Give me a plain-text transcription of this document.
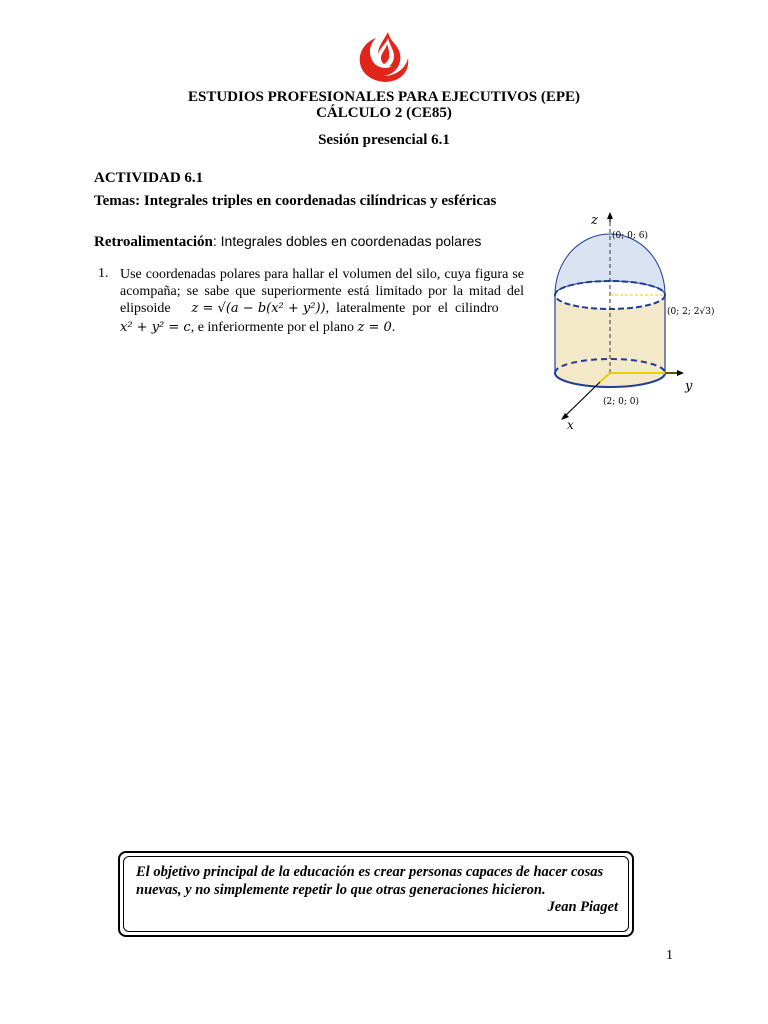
ESTUDIOS PROFESIONALES PARA EJECUTIVOS (EPE)
CÁLCULO 2 (CE85)
Sesión presencial 6.1
ACTIVIDAD 6.1
Temas: Integrales triples en coordenadas cilíndricas y esféricas
Retroalimentación: Integrales dobles en coordenadas polares
1. Use coordenadas polares para hallar el volumen del silo, cuya figura se
acompaña; se sabe que superiormente está limitado por la mitad del
elipsoide z = √(a − b(x² + y²)),  lateralmente  por  el  cilindro
x² + y² = c, e inferiormente por el plano z = 0.
z
(0; 0; 6)
(0; 2; 2√3)
y
(2; 0; 0)
x
El objetivo principal de la educación es crear personas capaces de hacer cosas nuevas, y no simplemente repetir lo que otras generaciones hicieron.
Jean Piaget
1
